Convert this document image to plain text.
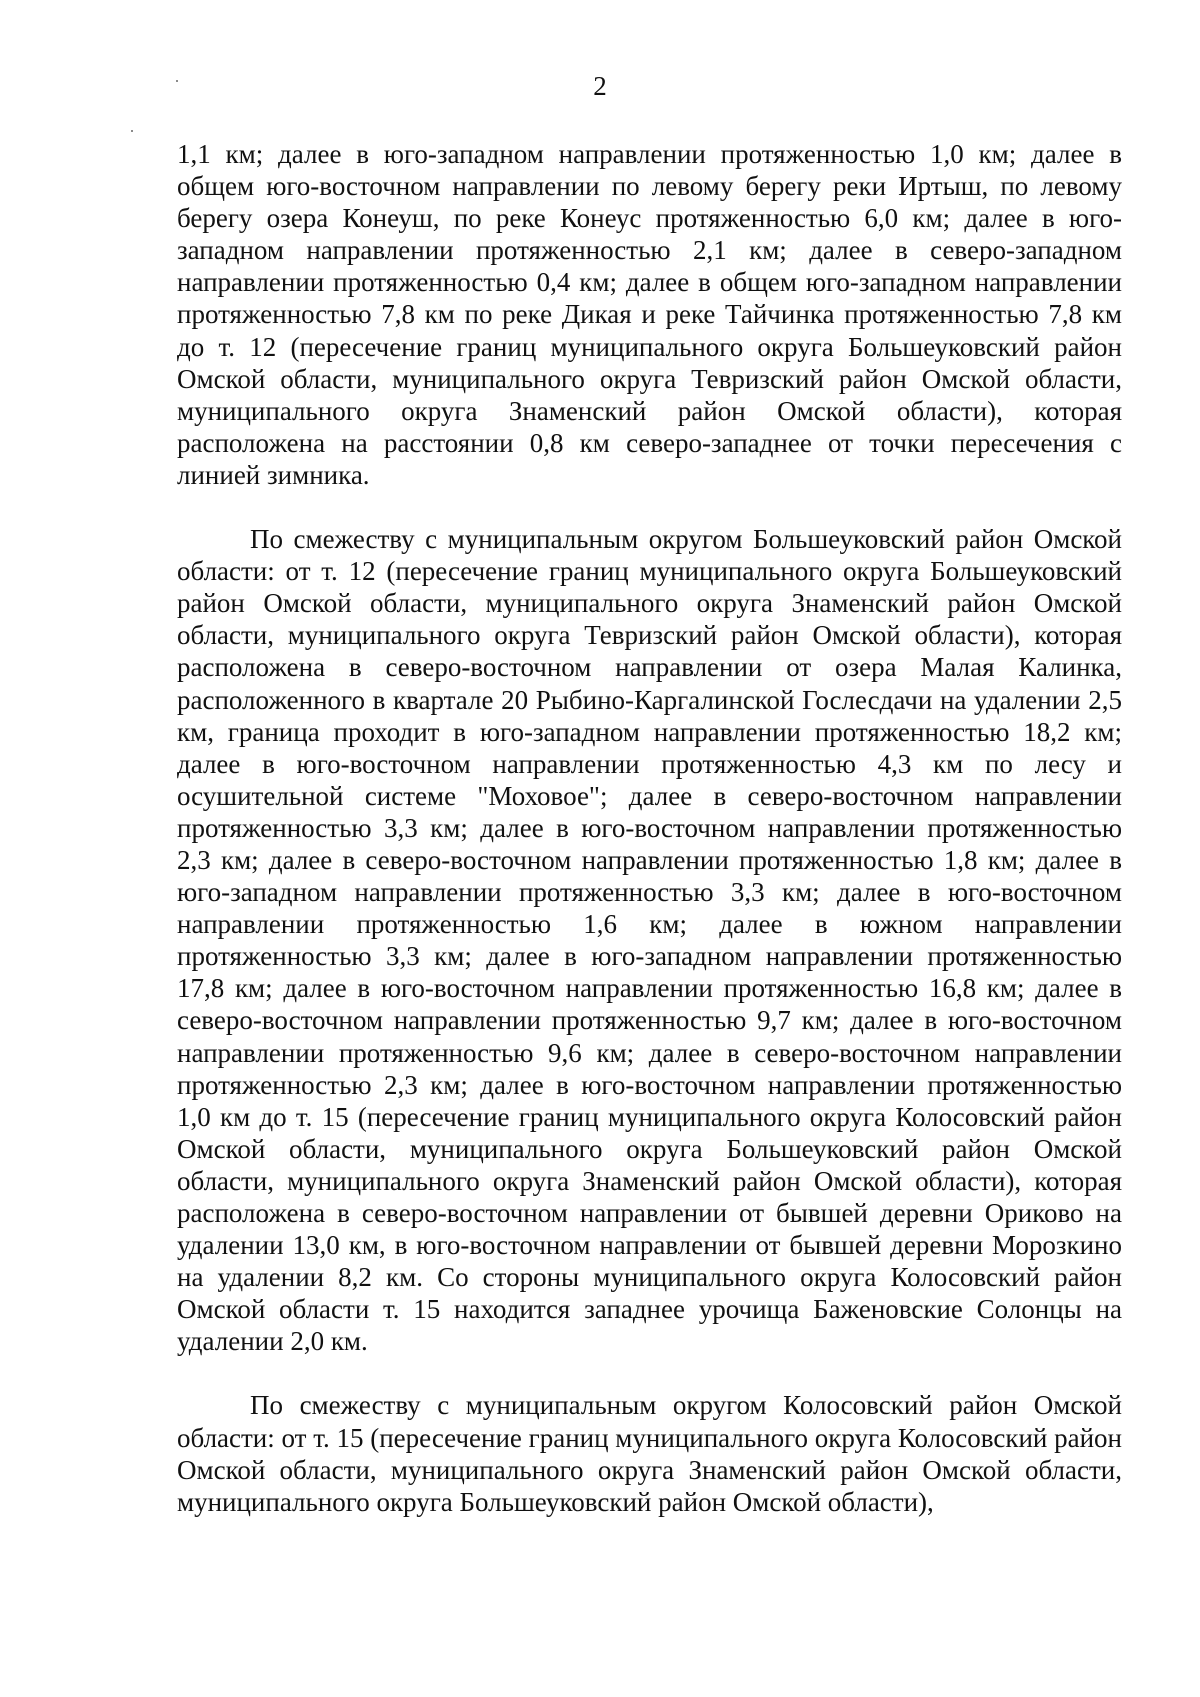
2

1,1 км; далее в юго-западном направлении протяженностью 1,0 км; далее в общем юго-восточном направлении по левому берегу реки Иртыш, по левому берегу озера Конеуш, по реке Конеус протяженностью 6,0 км; далее в юго-западном направлении протяженностью 2,1 км; далее в северо-западном направлении протяженностью 0,4 км; далее в общем юго-западном направлении протяженностью 7,8 км по реке Дикая и реке Тайчинка протяженностью 7,8 км до т. 12 (пересечение границ муниципального округа Большеуковский район Омской области, муниципального округа Тевризский район Омской области, муниципального округа Знаменский район Омской области), которая расположена на расстоянии 0,8 км северо-западнее от точки пересечения с линией зимника.

По смежеству с муниципальным округом Большеуковский район Омской области: от т. 12 (пересечение границ муниципального округа Большеуковский район Омской области, муниципального округа Знаменский район Омской области, муниципального округа Тевризский район Омской области), которая расположена в северо-восточном направлении от озера Малая Калинка, расположенного в квартале 20 Рыбино-Каргалинской Гослесдачи на удалении 2,5 км, граница проходит в юго-западном направлении протяженностью 18,2 км; далее в юго-восточном направлении протяженностью 4,3 км по лесу и осушительной системе "Моховое"; далее в северо-восточном направлении протяженностью 3,3 км; далее в юго-восточном направлении протяженностью 2,3 км; далее в северо-восточном направлении протяженностью 1,8 км; далее в юго-западном направлении протяженностью 3,3 км; далее в юго-восточном направлении протяженностью 1,6 км; далее в южном направлении протяженностью 3,3 км; далее в юго-западном направлении протяженностью 17,8 км; далее в юго-восточном направлении протяженностью 16,8 км; далее в северо-восточном направлении протяженностью 9,7 км; далее в юго-восточном направлении протяженностью 9,6 км; далее в северо-восточном направлении протяженностью 2,3 км; далее в юго-восточном направлении протяженностью 1,0 км до т. 15 (пересечение границ муниципального округа Колосовский район Омской области, муниципального округа Большеуковский район Омской области, муниципального округа Знаменский район Омской области), которая расположена в северо-восточном направлении от бывшей деревни Ориково на удалении 13,0 км, в юго-восточном направлении от бывшей деревни Морозкино на удалении 8,2 км. Со стороны муниципального округа Колосовский район Омской области т. 15 находится западнее урочища Баженовские Солонцы на удалении 2,0 км.

По смежеству с муниципальным округом Колосовский район Омской области: от т. 15 (пересечение границ муниципального округа Колосовский район Омской области, муниципального округа Знаменский район Омской области, муниципального округа Большеуковский район Омской области),
